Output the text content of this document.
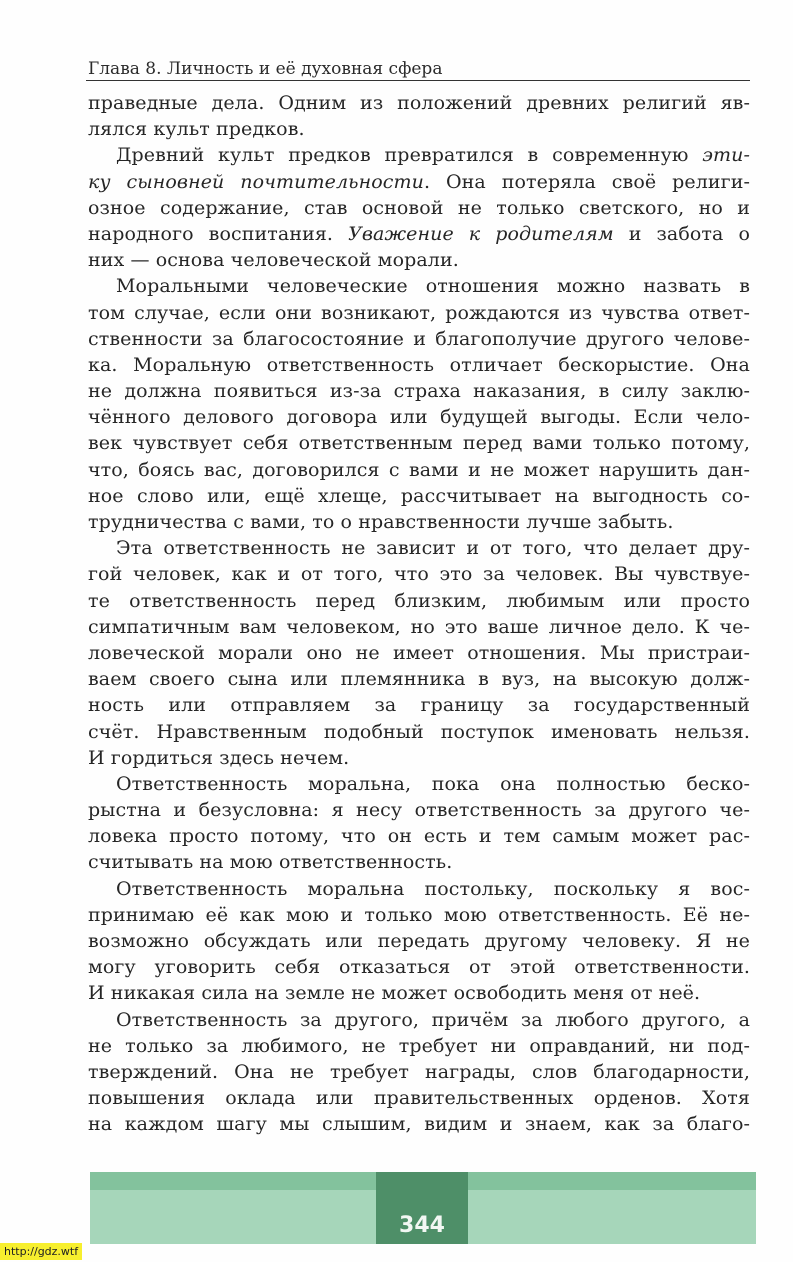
Глава 8. Личность и её духовная сфера
праведные дела. Одним из положений древних религий яв-
лялся культ предков.
Древний культ предков превратился в современную эти-
ку сыновней почтительности. Она потеряла своё религи-
озное содержание, став основой не только светского, но и
народного воспитания. Уважение к родителям и забота о
них — основа человеческой морали.
Моральными человеческие отношения можно назвать в
том случае, если они возникают, рождаются из чувства ответ-
ственности за благосостояние и благополучие другого челове-
ка. Моральную ответственность отличает бескорыстие. Она
не должна появиться из-за страха наказания, в силу заклю-
чённого делового договора или будущей выгоды. Если чело-
век чувствует себя ответственным перед вами только потому,
что, боясь вас, договорился с вами и не может нарушить дан-
ное слово или, ещё хлеще, рассчитывает на выгодность со-
трудничества с вами, то о нравственности лучше забыть.
Эта ответственность не зависит и от того, что делает дру-
гой человек, как и от того, что это за человек. Вы чувствуе-
те ответственность перед близким, любимым или просто
симпатичным вам человеком, но это ваше личное дело. К че-
ловеческой морали оно не имеет отношения. Мы пристраи-
ваем своего сына или племянника в вуз, на высокую долж-
ность или отправляем за границу за государственный
счёт. Нравственным подобный поступок именовать нельзя.
И гордиться здесь нечем.
Ответственность моральна, пока она полностью беско-
рыстна и безусловна: я несу ответственность за другого че-
ловека просто потому, что он есть и тем самым может рас-
считывать на мою ответственность.
Ответственность моральна постольку, поскольку я вос-
принимаю её как мою и только мою ответственность. Её не-
возможно обсуждать или передать другому человеку. Я не
могу уговорить себя отказаться от этой ответственности.
И никакая сила на земле не может освободить меня от неё.
Ответственность за другого, причём за любого другого, а
не только за любимого, не требует ни оправданий, ни под-
тверждений. Она не требует награды, слов благодарности,
повышения оклада или правительственных орденов. Хотя
на каждом шагу мы слышим, видим и знаем, как за благо-
344
http://gdz.wtf
